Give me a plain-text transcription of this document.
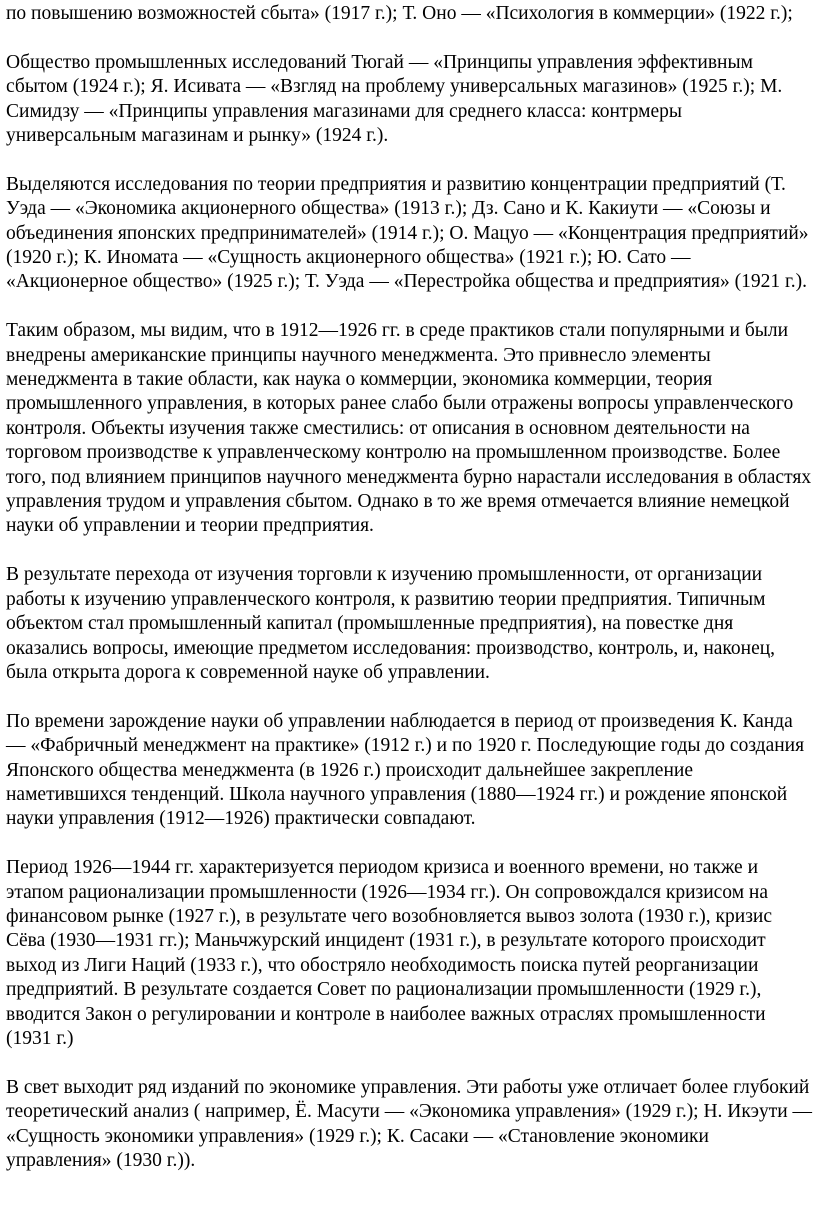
по повышению возможностей сбыта» (1917 г.); Т. Оно — «Психология в коммерции» (1922 г.);

Общество промышленных исследований Тюгай — «Принципы управления эффективным сбытом (1924 г.); Я. Исивата — «Взгляд на проблему универсальных магазинов» (1925 г.); М. Симидзу — «Принципы управления магазинами для среднего класса: контрмеры универсальным магазинам и рынку» (1924 г.).

Выделяются исследования по теории предприятия и развитию концентрации предприятий (Т. Уэда — «Экономика акционерного общества» (1913 г.); Дз. Сано и К. Какиути — «Союзы и объединения японских предпринимателей» (1914 г.); О. Мацуо — «Концентрация предприятий» (1920 г.); К. Иномата — «Сущность акционерного общества» (1921 г.); Ю. Сато — «Акционерное общество» (1925 г.); Т. Уэда — «Перестройка общества и предприятия» (1921 г.).

Таким образом, мы видим, что в 1912—1926 гг. в среде практиков стали популярными и были внедрены американские принципы научного менеджмента. Это привнесло элементы менеджмента в такие области, как наука о коммерции, экономика коммерции, теория промышленного управления, в которых ранее слабо были отражены вопросы управленческого контроля. Объекты изучения также сместились: от описания в основном деятельности на торговом производстве к управленческому контролю на промышленном производстве. Более того, под влиянием принципов научного менеджмента бурно нарастали исследования в областях управления трудом и управления сбытом. Однако в то же время отмечается влияние немецкой науки об управлении и теории предприятия.

В результате перехода от изучения торговли к изучению промышленности, от организации работы к изучению управленческого контроля, к развитию теории предприятия. Типичным объектом стал промышленный капитал (промышленные предприятия), на повестке дня оказались вопросы, имеющие предметом исследования: производство, контроль, и, наконец, была открыта дорога к современной науке об управлении.

По времени зарождение науки об управлении наблюдается в период от произведения К. Канда — «Фабричный менеджмент на практике» (1912 г.) и по 1920 г. Последующие годы до создания Японского общества менеджмента (в 1926 г.) происходит дальнейшее закрепление наметившихся тенденций. Школа научного управления (1880—1924 гг.) и рождение японской науки управления (1912—1926) практически совпадают.

Период 1926—1944 гг. характеризуется периодом кризиса и военного времени, но также и этапом рационализации промышленности (1926—1934 гг.). Он сопровождался кризисом на финансовом рынке (1927 г.), в результате чего возобновляется вывоз золота (1930 г.), кризис Сёва (1930—1931 гг.); Маньчжурский инцидент (1931 г.), в результате которого происходит выход из Лиги Наций (1933 г.), что обостряло необходимость поиска путей реорганизации предприятий. В результате создается Совет по рационализации промышленности (1929 г.), вводится Закон о регулировании и контроле в наиболее важных отраслях промышленности (1931 г.)

В свет выходит ряд изданий по экономике управления. Эти работы уже отличает более глубокий теоретический анализ ( например, Ё. Масути — «Экономика управления» (1929 г.); Н. Икэути — «Сущность экономики управления» (1929 г.); К. Сасаки — «Становление экономики управления» (1930 г.)).
